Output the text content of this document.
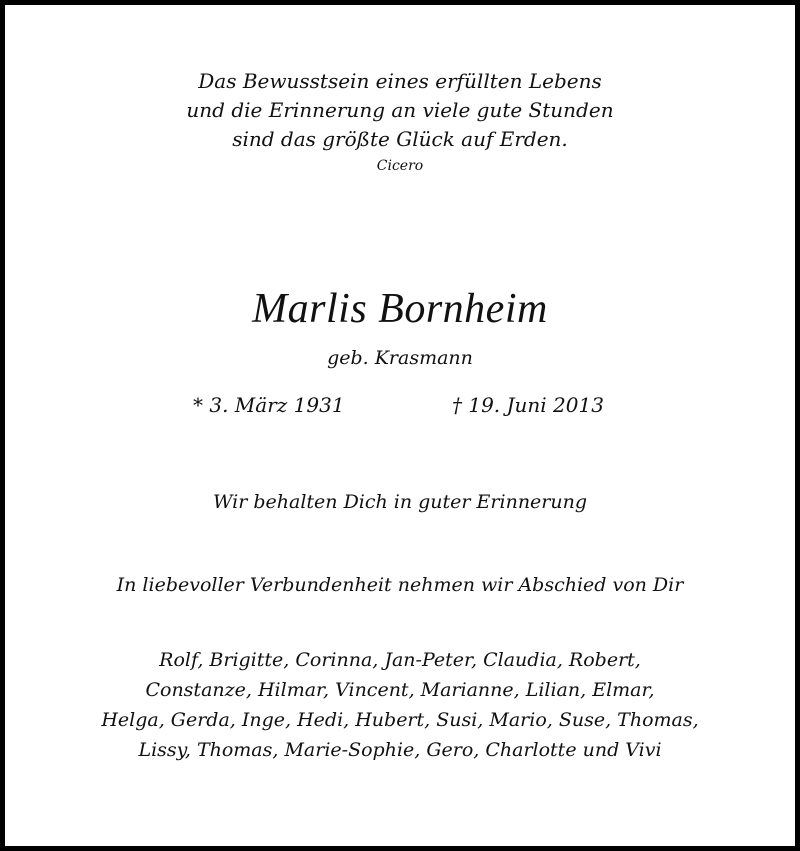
Das Bewusstsein eines erfüllten Lebens
und die Erinnerung an viele gute Stunden
sind das größte Glück auf Erden.
Cicero
Marlis Bornheim
geb. Krasmann
* 3. März 1931	† 19. Juni 2013
Wir behalten Dich in guter Erinnerung
In liebevoller Verbundenheit nehmen wir Abschied von Dir
Rolf, Brigitte, Corinna, Jan-Peter, Claudia, Robert,
Constanze, Hilmar, Vincent, Marianne, Lilian, Elmar,
Helga, Gerda, Inge, Hedi, Hubert, Susi, Mario, Suse, Thomas,
Lissy, Thomas, Marie-Sophie, Gero, Charlotte und Vivi
